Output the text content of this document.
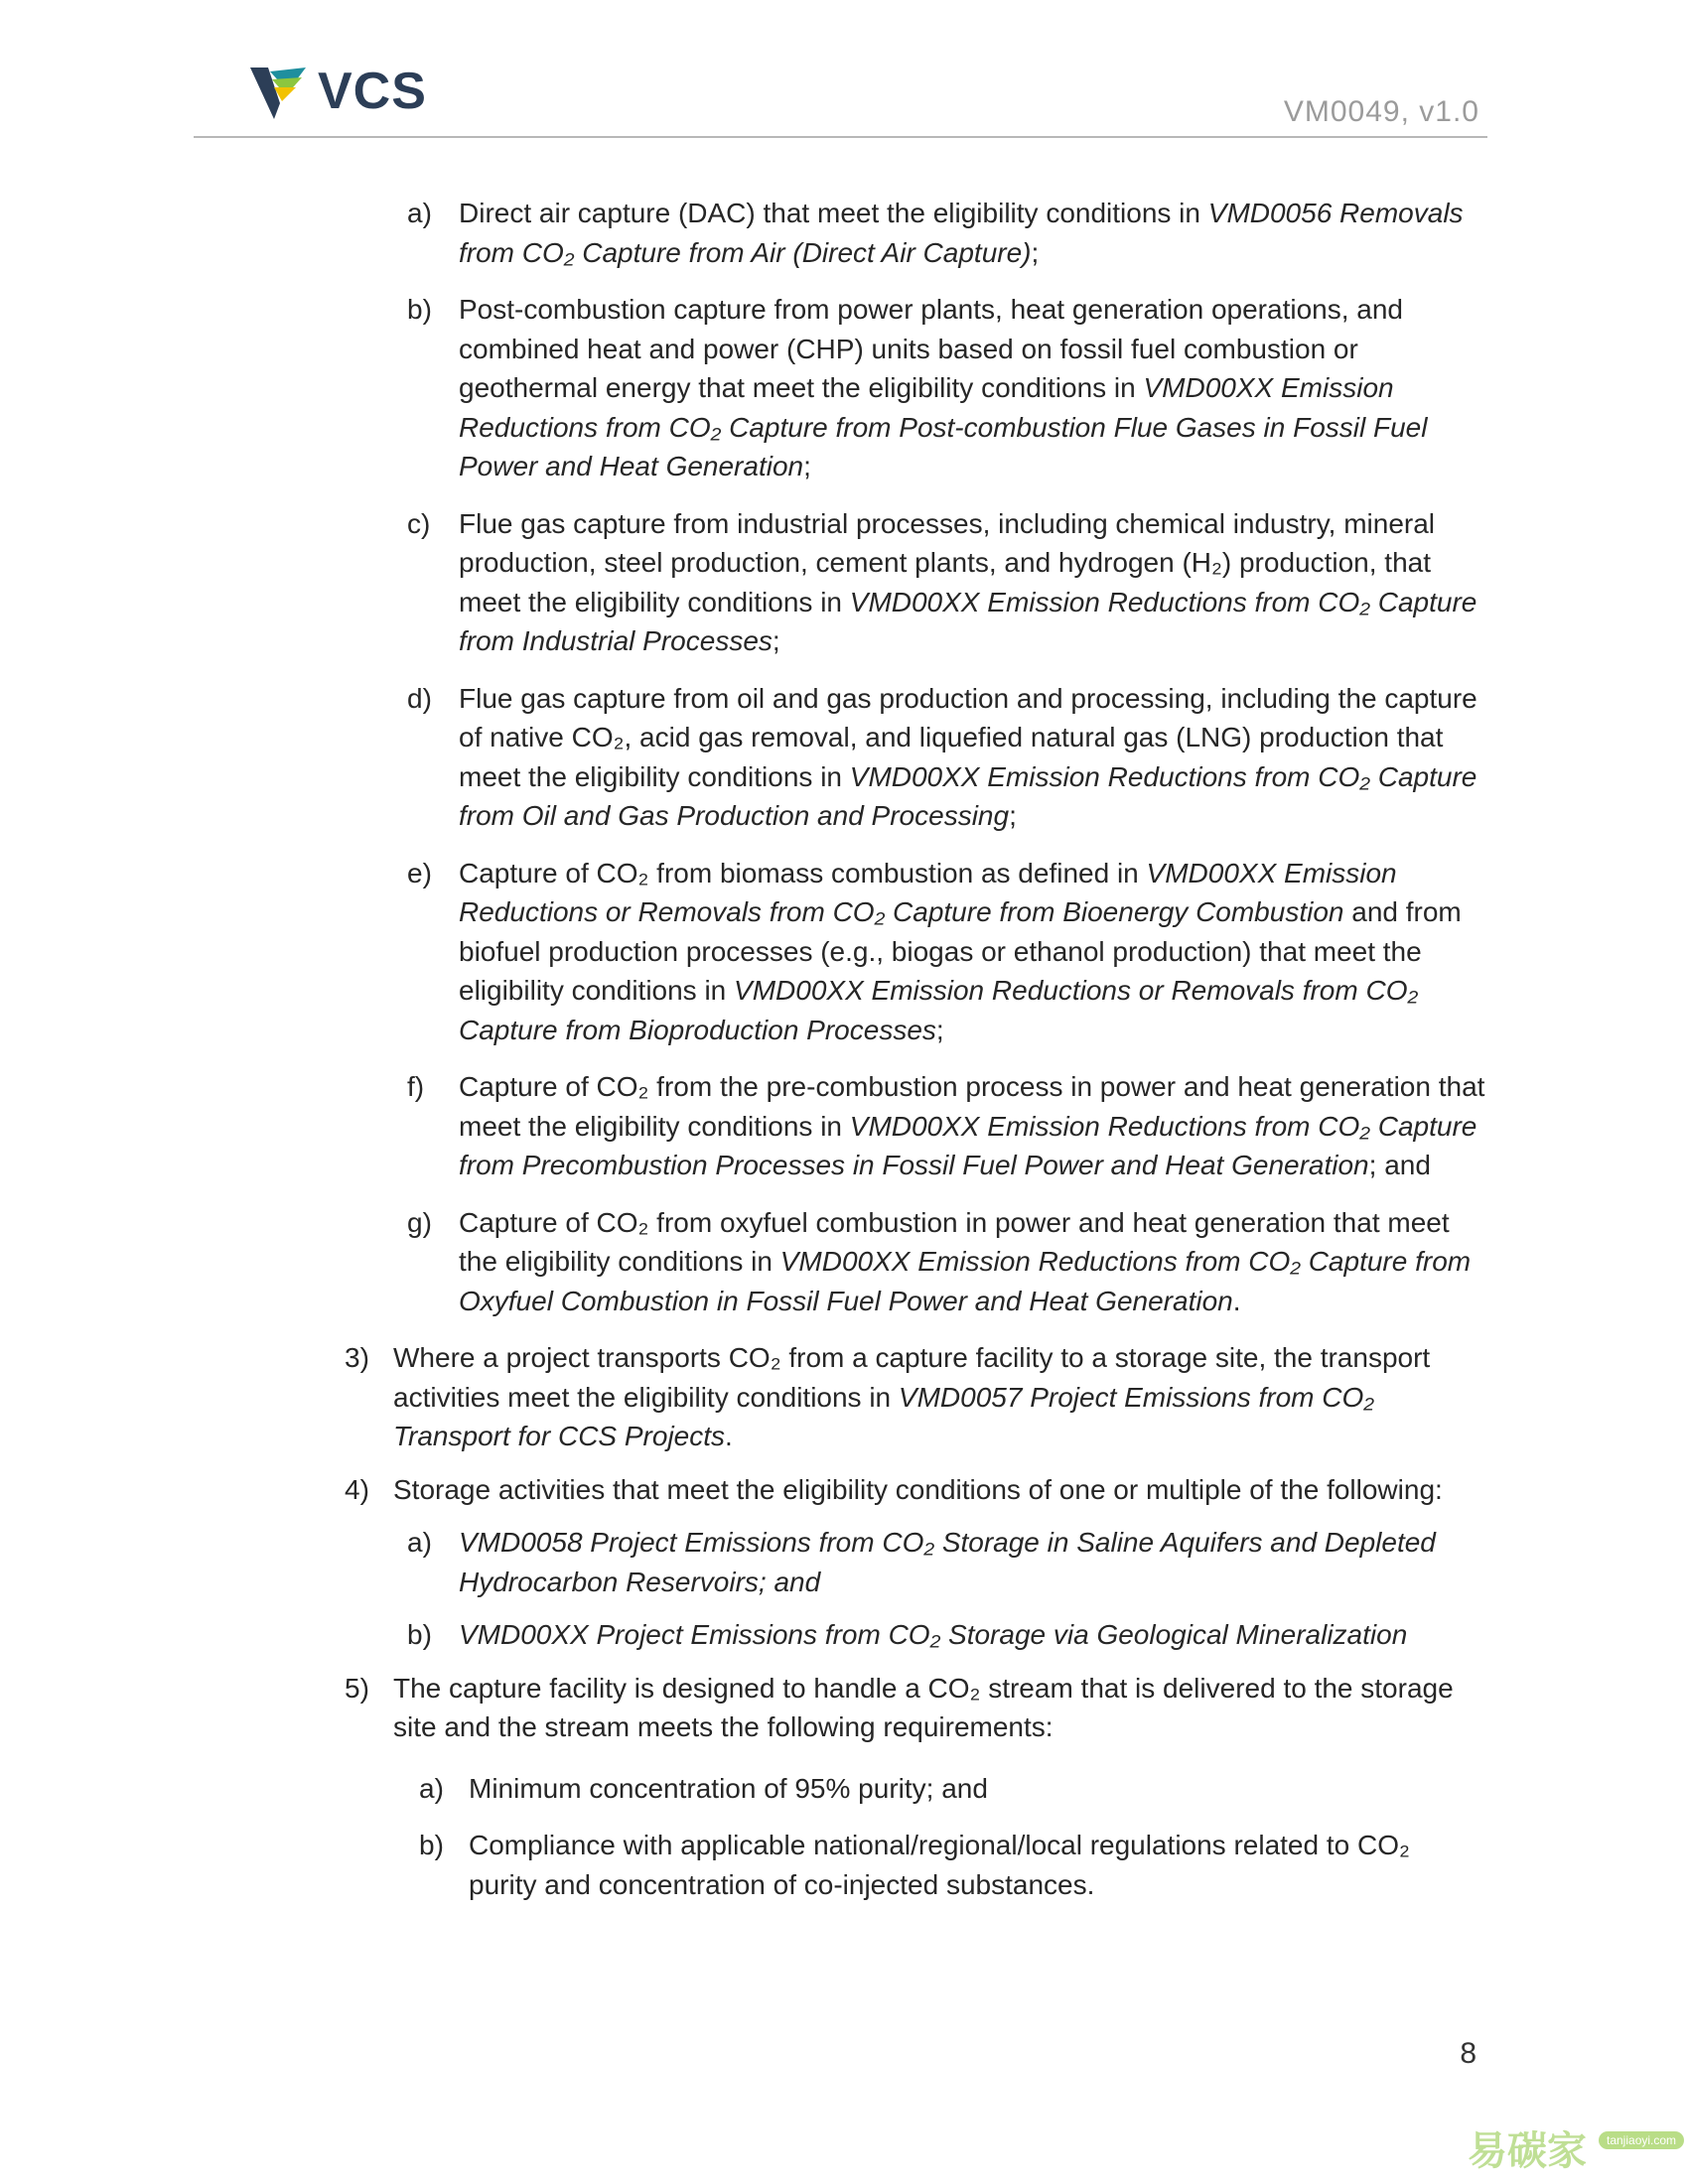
VCS	VM0049, v1.0
a) Direct air capture (DAC) that meet the eligibility conditions in VMD0056 Removals from CO₂ Capture from Air (Direct Air Capture);
b) Post-combustion capture from power plants, heat generation operations, and combined heat and power (CHP) units based on fossil fuel combustion or geothermal energy that meet the eligibility conditions in VMD00XX Emission Reductions from CO₂ Capture from Post-combustion Flue Gases in Fossil Fuel Power and Heat Generation;
c) Flue gas capture from industrial processes, including chemical industry, mineral production, steel production, cement plants, and hydrogen (H₂) production, that meet the eligibility conditions in VMD00XX Emission Reductions from CO₂ Capture from Industrial Processes;
d) Flue gas capture from oil and gas production and processing, including the capture of native CO₂, acid gas removal, and liquefied natural gas (LNG) production that meet the eligibility conditions in VMD00XX Emission Reductions from CO₂ Capture from Oil and Gas Production and Processing;
e) Capture of CO₂ from biomass combustion as defined in VMD00XX Emission Reductions or Removals from CO₂ Capture from Bioenergy Combustion and from biofuel production processes (e.g., biogas or ethanol production) that meet the eligibility conditions in VMD00XX Emission Reductions or Removals from CO₂ Capture from Bioproduction Processes;
f) Capture of CO₂ from the pre-combustion process in power and heat generation that meet the eligibility conditions in VMD00XX Emission Reductions from CO₂ Capture from Precombustion Processes in Fossil Fuel Power and Heat Generation; and
g) Capture of CO₂ from oxyfuel combustion in power and heat generation that meet the eligibility conditions in VMD00XX Emission Reductions from CO₂ Capture from Oxyfuel Combustion in Fossil Fuel Power and Heat Generation.
3) Where a project transports CO₂ from a capture facility to a storage site, the transport activities meet the eligibility conditions in VMD0057 Project Emissions from CO₂ Transport for CCS Projects.
4) Storage activities that meet the eligibility conditions of one or multiple of the following:
a) VMD0058 Project Emissions from CO₂ Storage in Saline Aquifers and Depleted Hydrocarbon Reservoirs; and
b) VMD00XX Project Emissions from CO₂ Storage via Geological Mineralization
5) The capture facility is designed to handle a CO₂ stream that is delivered to the storage site and the stream meets the following requirements:
a) Minimum concentration of 95% purity; and
b) Compliance with applicable national/regional/local regulations related to CO₂ purity and concentration of co-injected substances.
8
易碳家	tanjiaoyi.com
